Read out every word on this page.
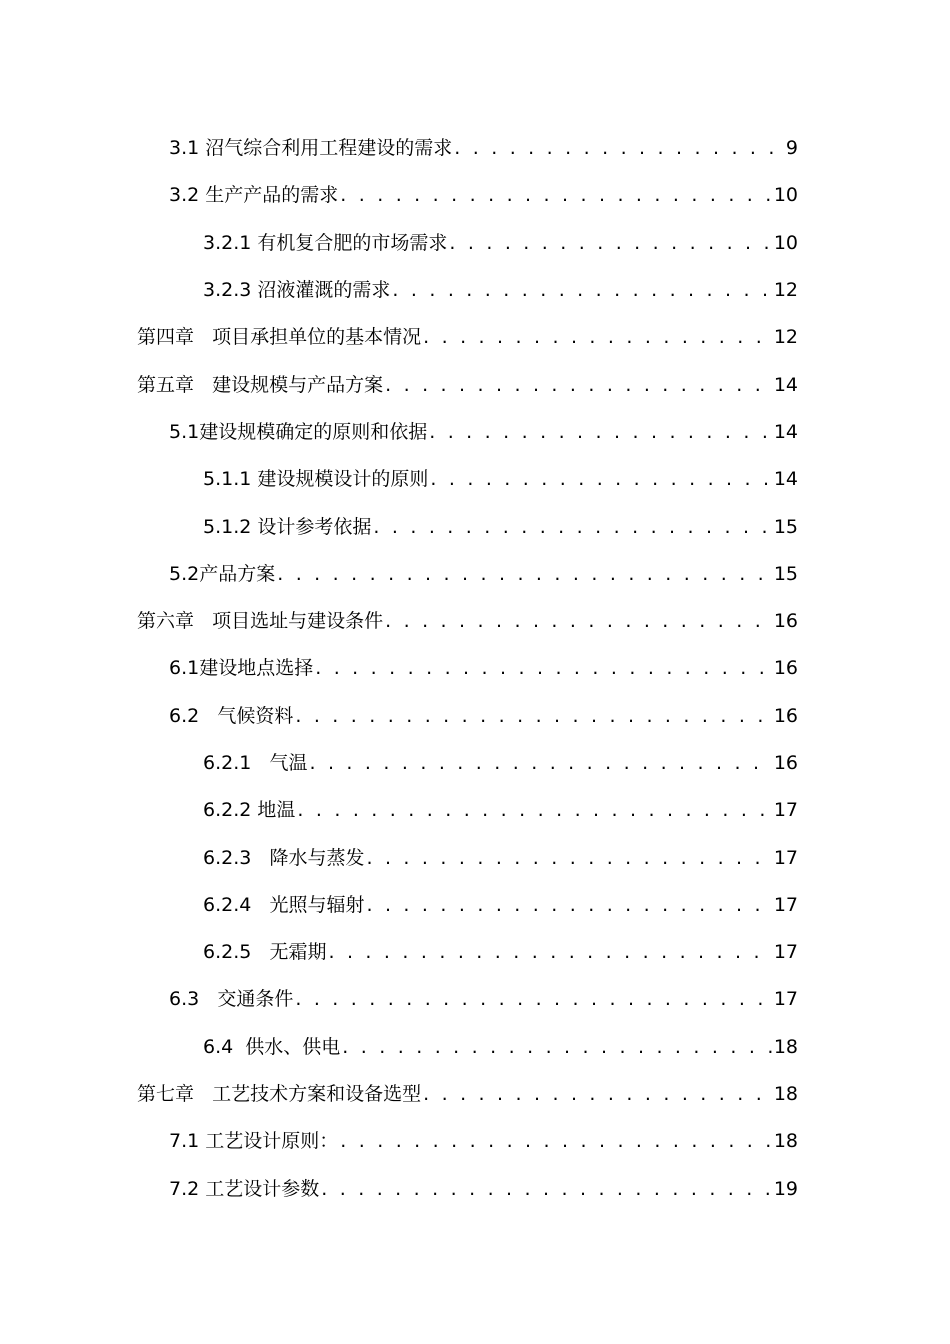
3.1 沼气综合利用工程建设的需求 . . .	9
3.2 生产产品的需求 . . .	10
3.2.1 有机复合肥的市场需求 . . .	10
3.2.3 沼液灌溉的需求 . . .	12
第四章   项目承担单位的基本情况 . . .	12
第五章   建设规模与产品方案 . . .	14
5.1建设规模确定的原则和依据 . . .	14
5.1.1 建设规模设计的原则 . . .	14
5.1.2 设计参考依据 . . .	15
5.2产品方案 . . .	15
第六章   项目选址与建设条件 . . .	16
6.1建设地点选择 . . .	16
6.2   气候资料 . . .	16
6.2.1   气温 . . .	16
6.2.2 地温 . . .	17
6.2.3   降水与蒸发 . . .	17
6.2.4   光照与辐射 . . .	17
6.2.5   无霜期 . . .	17
6.3   交通条件 . . .	17
6.4  供水、供电 . . .	18
第七章   工艺技术方案和设备选型 . . .	18
7.1 工艺设计原则： . . .	18
7.2 工艺设计参数 . . .	19
